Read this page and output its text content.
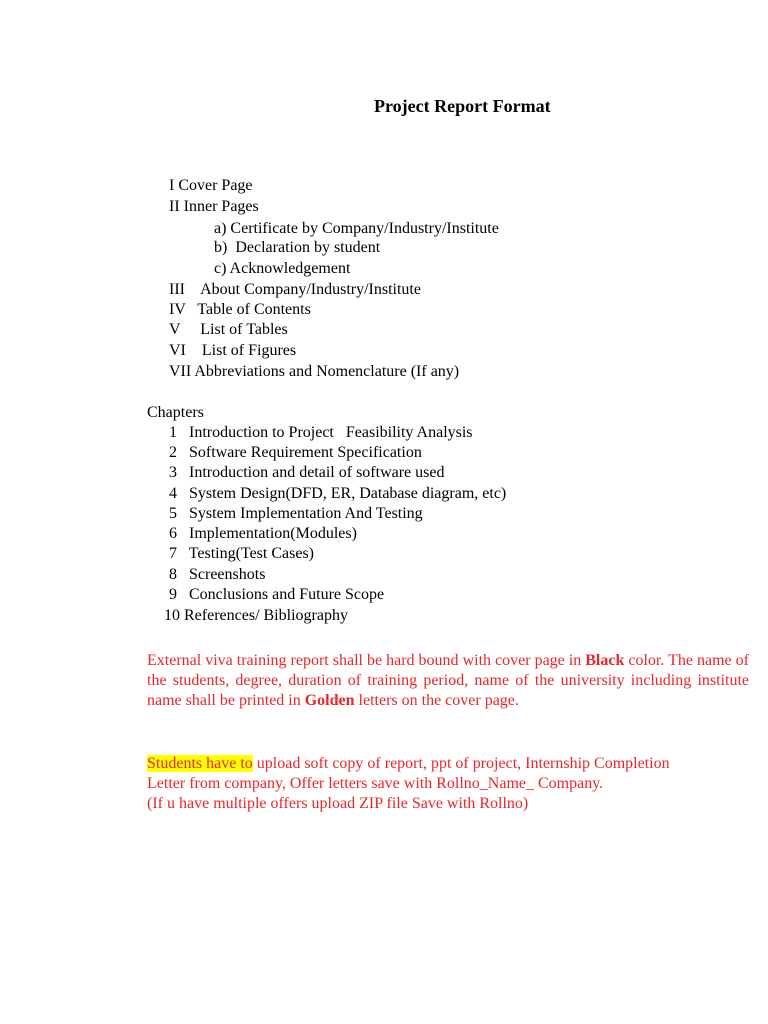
Project Report Format
I Cover Page
II Inner Pages
a) Certificate by Company/Industry/Institute
b)  Declaration by student
c) Acknowledgement
III    About Company/Industry/Institute
IV   Table of Contents
V     List of Tables
VI    List of Figures
VII Abbreviations and Nomenclature (If any)
Chapters
1   Introduction to Project   Feasibility Analysis
2   Software Requirement Specification
3   Introduction and detail of software used
4   System Design(DFD, ER, Database diagram, etc)
5   System Implementation And Testing
6   Implementation(Modules)
7   Testing(Test Cases)
8   Screenshots
9   Conclusions and Future Scope
10 References/ Bibliography
External viva training report shall be hard bound with cover page in Black color. The name of the students, degree, duration of training period, name of the university including institute name shall be printed in Golden letters on the cover page.
Students have to upload soft copy of report, ppt of project, Internship Completion
Letter from company, Offer letters save with Rollno_Name_ Company.
(If u have multiple offers upload ZIP file Save with Rollno)
